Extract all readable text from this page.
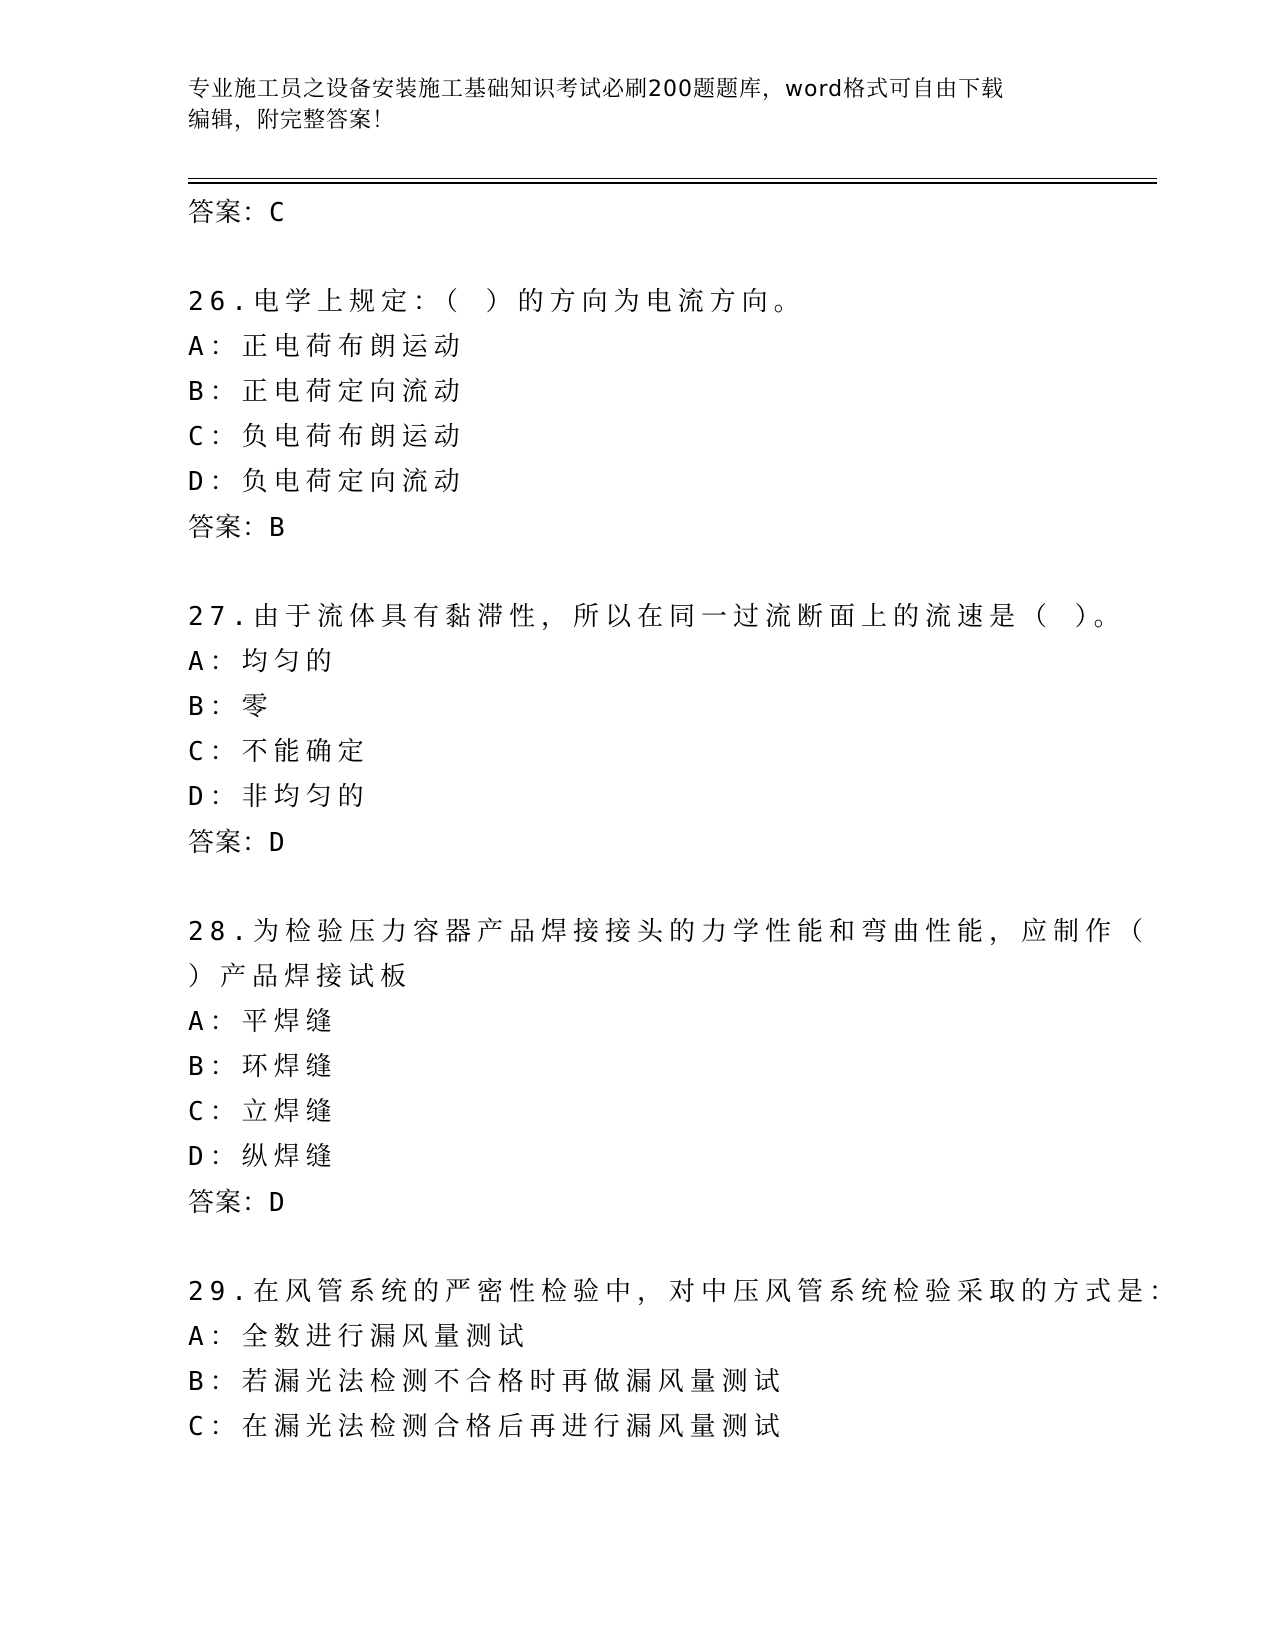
专业施工员之设备安装施工基础知识考试必刷200题题库，word格式可自由下载
编辑，附完整答案！
答案：C
26.电学上规定：（ ）的方向为电流方向。
A：正电荷布朗运动
B：正电荷定向流动
C：负电荷布朗运动
D：负电荷定向流动
答案：B
27.由于流体具有黏滞性，所以在同一过流断面上的流速是（ ）。
A：均匀的
B：零
C：不能确定
D：非均匀的
答案：D
28.为检验压力容器产品焊接接头的力学性能和弯曲性能，应制作（
）产品焊接试板
A：平焊缝
B：环焊缝
C：立焊缝
D：纵焊缝
答案：D
29.在风管系统的严密性检验中，对中压风管系统检验采取的方式是：
A：全数进行漏风量测试
B：若漏光法检测不合格时再做漏风量测试
C：在漏光法检测合格后再进行漏风量测试
